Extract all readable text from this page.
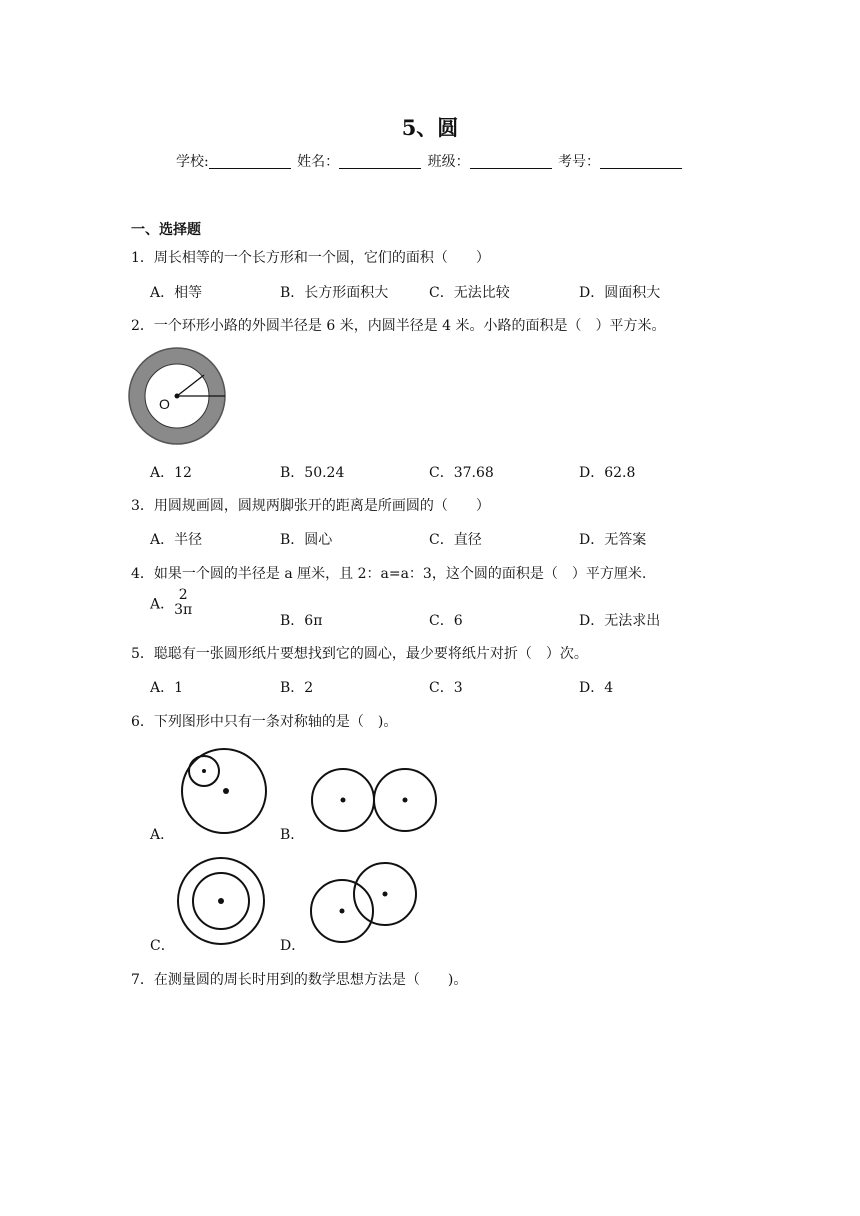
5、圆
学校:	姓名：	班级：	考号：
一、选择题
1．周长相等的一个长方形和一个圆，它们的面积（　　）
A．相等	B．长方形面积大	C．无法比较	D．圆面积大
2．一个环形小路的外圆半径是 6 米，内圆半径是 4 米。小路的面积是（　）平方米。
O
A．12	B．50.24	C．37.68	D．62.8
3．用圆规画圆，圆规两脚张开的距离是所画圆的（　　）
A．半径	B．圆心	C．直径	D．无答案
4．如果一个圆的半径是 a 厘米，且 2：a=a：3，这个圆的面积是（　）平方厘米.
A．
2
3π
B．6π	C．6	D．无法求出
5．聪聪有一张圆形纸片要想找到它的圆心，最少要将纸片对折（　）次。
A．1	B．2	C．3	D．4
6．下列图形中只有一条对称轴的是（　)。
A．	B．
C．	D．
7．在测量圆的周长时用到的数学思想方法是（　　)。
